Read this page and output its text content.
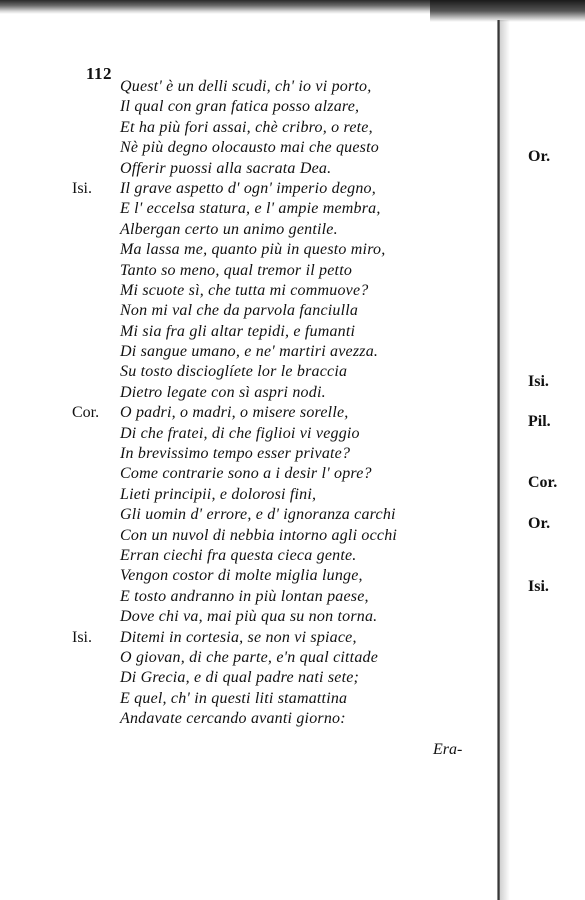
112
Quest' è un delli scudi, ch' io vi porto,
Il qual con gran fatica posso alzare,
Et ha più fori assai, chè cribro, o rete,
Nè più degno olocausto mai che questo
Offerir puossi alla sacrata Dea.
Isi. Il grave aspetto d' ogn' imperio degno,
E l' eccelsa statura, e l' ampie membra,
Albergan certo un animo gentile.
Ma lassa me, quanto più in questo miro,
Tanto so meno, qual tremor il petto
Mi scuote sì, che tutta mi commuove?
Non mi val che da parvola fanciulla
Mi sia fra gli altar tepidi, e fumanti
Di sangue umano, e ne' martiri avezza.
Su tosto discioglíete lor le braccia
Dietro legate con sì aspri nodi.
Cor. O padri, o madri, o misere sorelle,
Di che fratei, di che figlioi vi veggio
In brevissimo tempo esser private?
Come contrarie sono a i desir l' opre?
Lieti principii, e dolorosi fini,
Gli uomin d' errore, e d' ignoranza carchi
Con un nuvol di nebbia intorno agli occhi
Erran ciechi fra questa cieca gente.
Vengon costor di molte miglia lunge,
E tosto andranno in più lontan paese,
Dove chi va, mai più qua su non torna.
Isi. Ditemi in cortesia, se non vi spiace,
O giovan, di che parte, e'n qual cittade
Di Grecia, e di qual padre nati sete;
E quel, ch' in questi liti stamattina
Andavate cercando avanti giorno:
Era-
Or.
Isi.
Pil.
Cor.
Or.
Isi.
